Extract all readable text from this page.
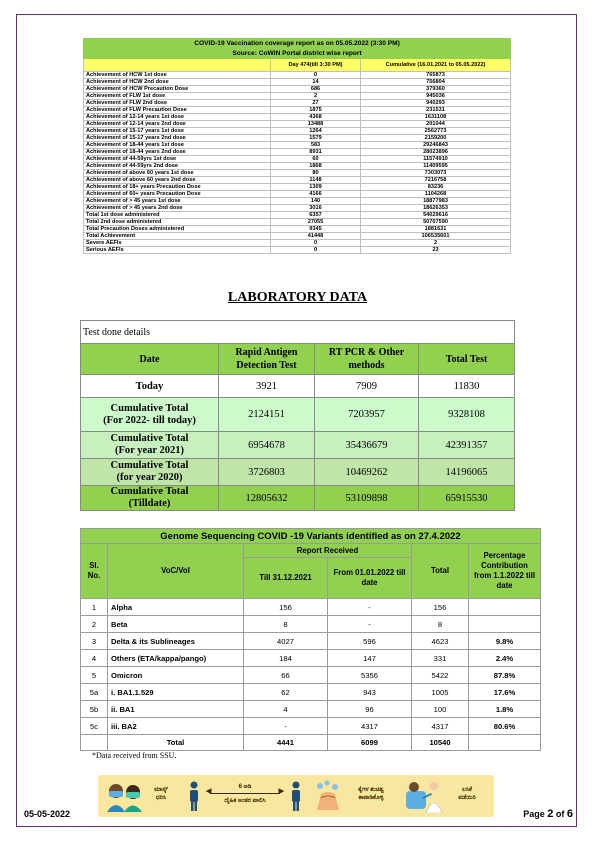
COVID-19 Vaccination coverage report as on 05.05.2022 (3:30 PM)		
Source: CoWIN Portal district wise report		
	Day 474(till 3:30 PM)	Cumulative (16.01.2021 to 05.05.2022)
Achievement of HCW 1st dose	0	765873
Achievement of HCW 2nd dose	14	756804
Achievement of HCW Precaution Dose	686	379360
Achievement of FLW 1st dose	2	945036
Achievement of FLW 2nd dose	27	940293
Achievement of FLW Precaution Dose	1875	231531
Achievement of 12-14 years 1st dose	4368	1631108
Achievement of 12-14 years 2nd dose	13488	201044
Achievement of 15-17 years 1st dose	1264	2562773
Achievement of 15-17 years 2nd dose	1579	2159200
Achievement of 18-44 years 1st dose	583	29246843
Achievement of 18-44 years 2nd dose	8931	28023896
Achievement of 44-59yrs 1st dose	60	11574910
Achievement of 44-59yrs 2nd dose	1868	11409595
Achievement of above 60 years 1st dose	80	7303073
Achievement of above 60 years 2nd dose	1148	7216758
Achievement of 18+ years Precaution Dose	1309	83236
Achievement of 60+ years Precaution Dose	4166	1104268
Achievement of > 45 years 1st dose	140	18877983
Achievement of > 45 years 2nd dose	3016	18626353
Total 1st dose administered	6357	54029616
Total 2nd dose administered	27055	50707590
Total Precaution Doses administered	9345	1881631
Total Achievement	41448	106535601
Severe AEFIs	0	2
Serious AEFIs	0	23
LABORATORY DATA
Test done details			
Date	Rapid Antigen Detection Test	RT PCR & Other methods	Total Test
Today	3921	7909	11830
Cumulative Total
(For 2022- till today)	2124151	7203957	9328108
Cumulative Total
(For year 2021)	6954678	35436679	42391357
Cumulative Total
(for year 2020)	3726803	10469262	14196065
Cumulative Total
(Tilldate)	12805632	53109898	65915530
Genome Sequencing COVID -19 Variants identified as on 27.4.2022					
Sl. No.	VoC/VoI	Report Received		Total	Percentage Contribution from 1.1.2022 till date
		Till 31.12.2021	From 01.01.2022 till date		
1	Alpha	156	-	156	
2	Beta	8	-	8	
3	Delta & its Sublineages	4027	596	4623	9.8%
4	Others (ETA/kappa/pango)	184	147	331	2.4%
5	Omicron	66	5356	5422	87.8%
5a	i. BA1.1.529	62	943	1005	17.6%
5b	ii. BA1	4	96	100	1.8%
5c	iii. BA2	-	4317	4317	80.6%
	Total	4441	6099	10540	
*Data received from SSU.
ಮಾಸ್ಕ್
ಧರಿಸಿ
6 ಅಡಿ
◀	▶
ದೈಹಿಕ ಅಂತರ ಪಾಲಿಸಿ
ಕೈಗಳ ಶುಚಿತ್ವ
ಕಾಪಾಡಿಕೊಳ್ಳಿ
ಲಸಿಕೆ
ಪಡೆಯಿರಿ
05-05-2022	Page 2 of 6
